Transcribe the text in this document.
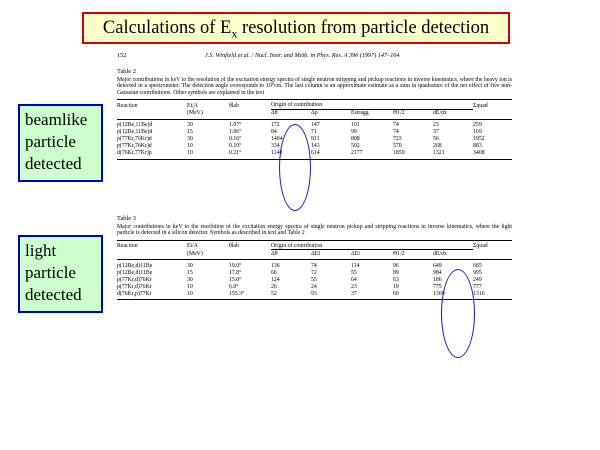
Calculations of $E_x$ resolution from particle detection
beamlike
particle
detected
light
particle
detected
152	J.S. Winfield et al. / Nucl. Instr. and Meth. in Phys. Res. A 396 (1997) 147–164
Table 2
Major contributions in keV to the resolution of the excitation energy spectra of single neutron stripping and pickup reactions in inverse kinematics, where the heavy ion is detected in a spectrometer. The detection angle corresponds to 10°cm. The last column is an approximate estimate as a sum in quadrature of the net effect of five non-Gaussian contributions. Other symbols are explained in the text
Reaction	Ei/A	θlab	Origin of contribution					Σquad
	(MeV)		Δθ	Δp	Estragg	Θ1/2	dE/dx	
p(12Be,11Be)d	30	1.07°	172	147	101	74	23	259
p(12Be,11Be)d	15	1.06°	84	71	99	74	37	169
p(77Kr,76Kr)d	30	0.16°	1404	811	808	723	56	1952
p(77Kr,76Kr)d	10	0.10°	334	143	502	570	268	883
d(76Kr,77Kr)p	10	0.21°	1140	614	2177	1859	1321	3408
Table 3
Major contributions in keV to the resolution of the excitation energy spectra of single neutron pickup and stripping reactions in inverse kinematics, where the light particle is detected in a silicon detector. Symbols as described in text and Table 2
Reaction	Ei/A	θlab	Origin of contribution					Σquad
	(MeV)		Δθ	ΔEf	ΔEi	Θ1/2	dE/dx	
p(12Be,d)11Be	30	19.0°	136	74	114	96	649	685
p(12Be,d)11Be	15	17.8°	66	72	55	89	984	995
p(77Kr,d)76Kr	30	15.0°	124	55	64	63	186	249
p(77Kr,d)76Kr	10	6.0°	26	24	23	19	775	777
d(76Kr,p)77Kr	10	155.3°	52	93	37	60	1309	1316
